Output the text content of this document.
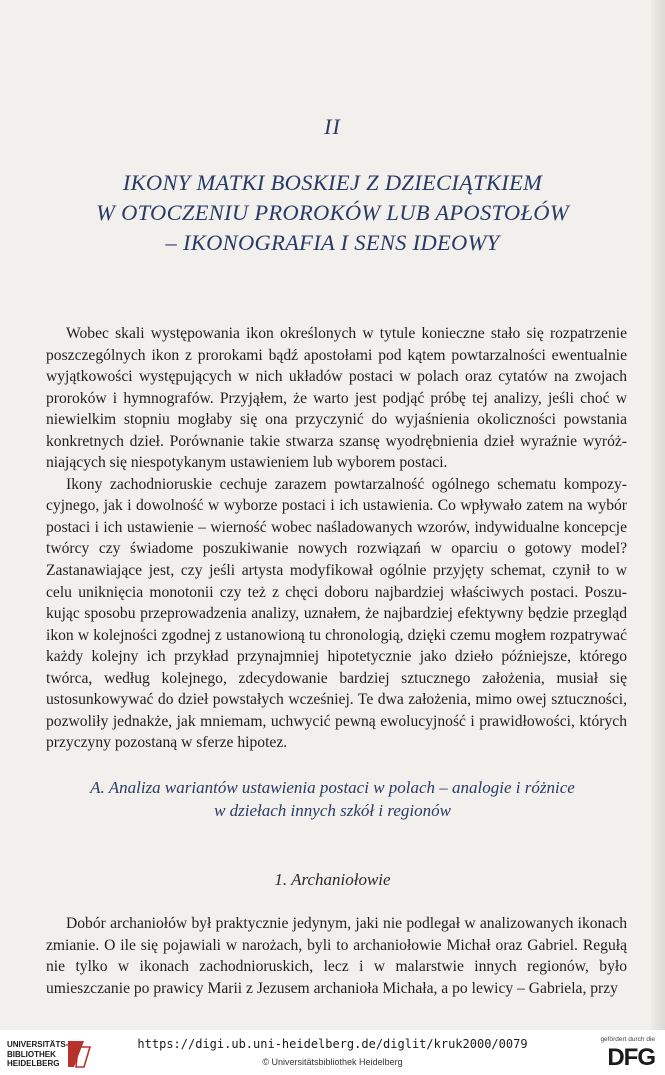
II
IKONY MATKI BOSKIEJ Z DZIECIĄTKIEM
W OTOCZENIU PROROKÓW LUB APOSTOŁÓW
– IKONOGRAFIA I SENS IDEOWY

Wobec skali występowania ikon określonych w tytule konieczne stało się rozpatrzenie poszczególnych ikon z prorokami bądź apostołami pod kątem powtarzalności ewentualnie wyjątkowości występujących w nich układów postaci w polach oraz cytatów na zwojach proroków i hymnografów. Przyjąłem, że warto jest podjąć próbę tej analizy, jeśli choć w niewielkim stopniu mogłaby się ona przyczynić do wyjaśnienia okoliczności powstania konkretnych dzieł. Porównanie takie stwarza szansę wyodrębnienia dzieł wyraźnie wyróżniających się niespotykanym ustawieniem lub wyborem postaci.

Ikony zachodnioruskie cechuje zarazem powtarzalność ogólnego schematu kompozycyjnego, jak i dowolność w wyborze postaci i ich ustawienia. Co wpływało zatem na wybór postaci i ich ustawienie – wierność wobec naśladowanych wzorów, indywidualne koncepcje twórcy czy świadome poszukiwanie nowych rozwiązań w oparciu o gotowy model? Zastanawiające jest, czy jeśli artysta modyfikował ogólnie przyjęty schemat, czynił to w celu uniknięcia monotonii czy też z chęci doboru najbardziej właściwych postaci. Poszukując sposobu przeprowadzenia analizy, uznałem, że najbardziej efektywny będzie przegląd ikon w kolejności zgodnej z ustanowioną tu chronologią, dzięki czemu mogłem rozpatrywać każdy kolejny ich przykład przynajmniej hipotetycznie jako dzieło późniejsze, którego twórca, według kolejnego, zdecydowanie bardziej sztucznego założenia, musiał się ustosunkowywać do dzieł powstałych wcześniej. Te dwa założenia, mimo owej sztuczności, pozwoliły jednakże, jak mniemam, uchwycić pewną ewolucyjność i prawidłowości, których przyczyny pozostaną w sferze hipotez.

A. Analiza wariantów ustawienia postaci w polach – analogie i różnice
w dziełach innych szkół i regionów
1. Archaniołowie

Dobór archaniołów był praktycznie jedynym, jaki nie podlegał w analizowanych ikonach zmianie. O ile się pojawiali w narożach, byli to archaniołowie Michał oraz Gabriel. Regułą nie tylko w ikonach zachodnioruskich, lecz i w malarstwie innych regionów, było umieszczanie po prawicy Marii z Jezusem archanioła Michała, a po lewicy – Gabriela, przy

UNIVERSITÄTS-
BIBLIOTHEK
HEIDELBERG
https://digi.ub.uni-heidelberg.de/diglit/kruk2000/0079
© Universitätsbibliothek Heidelberg
gefördert durch die
DFG
